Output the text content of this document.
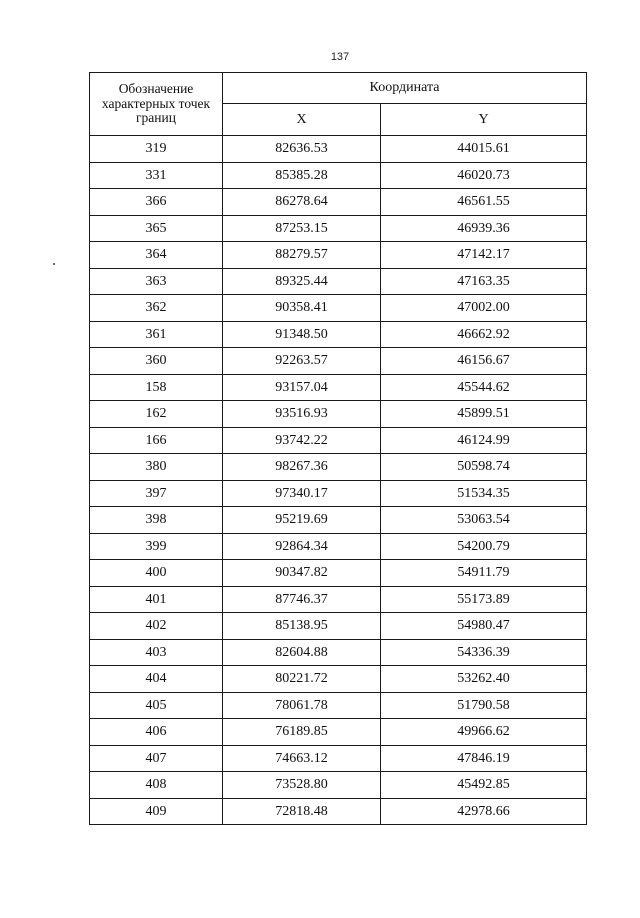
137
Обозначение характерных точек границ	Координата	
	X	Y
319	82636.53	44015.61
331	85385.28	46020.73
366	86278.64	46561.55
365	87253.15	46939.36
364	88279.57	47142.17
363	89325.44	47163.35
362	90358.41	47002.00
361	91348.50	46662.92
360	92263.57	46156.67
158	93157.04	45544.62
162	93516.93	45899.51
166	93742.22	46124.99
380	98267.36	50598.74
397	97340.17	51534.35
398	95219.69	53063.54
399	92864.34	54200.79
400	90347.82	54911.79
401	87746.37	55173.89
402	85138.95	54980.47
403	82604.88	54336.39
404	80221.72	53262.40
405	78061.78	51790.58
406	76189.85	49966.62
407	74663.12	47846.19
408	73528.80	45492.85
409	72818.48	42978.66
